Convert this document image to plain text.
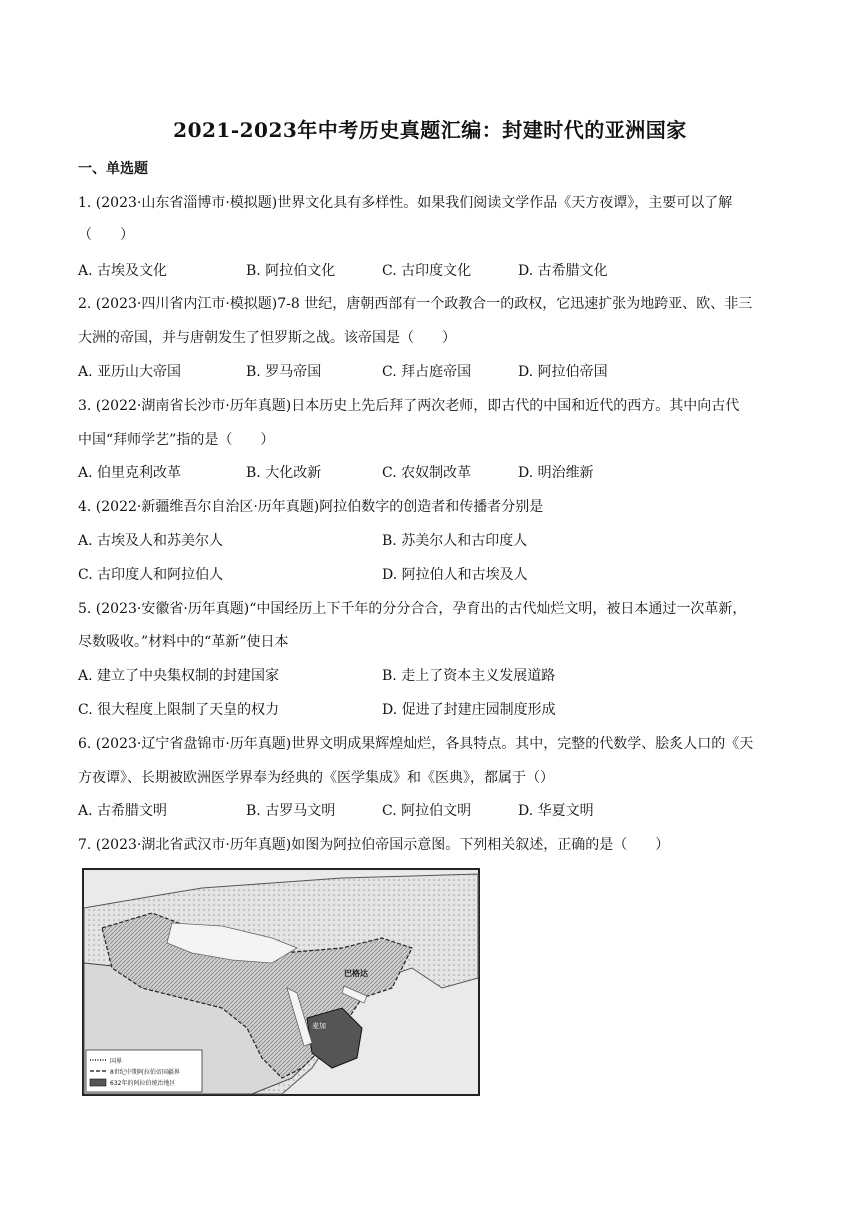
2021-2023年中考历史真题汇编：封建时代的亚洲国家
一、单选题
1. (2023·山东省淄博市·模拟题)世界文化具有多样性。如果我们阅读文学作品《天方夜谭》，主要可以了解
（　　）
A. 古埃及文化	B. 阿拉伯文化	C. 古印度文化	D. 古希腊文化
2. (2023·四川省内江市·模拟题)7-8 世纪，唐朝西部有一个政教合一的政权，它迅速扩张为地跨亚、欧、非三
大洲的帝国，并与唐朝发生了怛罗斯之战。该帝国是（　　）
A. 亚历山大帝国	B. 罗马帝国	C. 拜占庭帝国	D. 阿拉伯帝国
3. (2022·湖南省长沙市·历年真题)日本历史上先后拜了两次老师，即古代的中国和近代的西方。其中向古代
中国“拜师学艺”指的是（　　）
A. 伯里克利改革	B. 大化改新	C. 农奴制改革	D. 明治维新
4. (2022·新疆维吾尔自治区·历年真题)阿拉伯数字的创造者和传播者分别是
A. 古埃及人和苏美尔人	B. 苏美尔人和古印度人
C. 古印度人和阿拉伯人	D. 阿拉伯人和古埃及人
5. (2023·安徽省·历年真题)“中国经历上下千年的分分合合，孕育出的古代灿烂文明，被日本通过一次革新，
尽数吸收。”材料中的“革新”使日本
A. 建立了中央集权制的封建国家	B. 走上了资本主义发展道路
C. 很大程度上限制了天皇的权力	D. 促进了封建庄园制度形成
6. (2023·辽宁省盘锦市·历年真题)世界文明成果辉煌灿烂，各具特点。其中，完整的代数学、脍炙人口的《天
方夜谭》、长期被欧洲医学界奉为经典的《医学集成》和《医典》，都属于（）
A. 古希腊文明	B. 古罗马文明	C. 阿拉伯文明	D. 华夏文明
7. (2023·湖北省武汉市·历年真题)如图为阿拉伯帝国示意图。下列相关叙述，正确的是（　　）
巴格达
麦加
国界
8世纪中期阿拉伯帝国疆界
632年的阿拉伯统治地区
